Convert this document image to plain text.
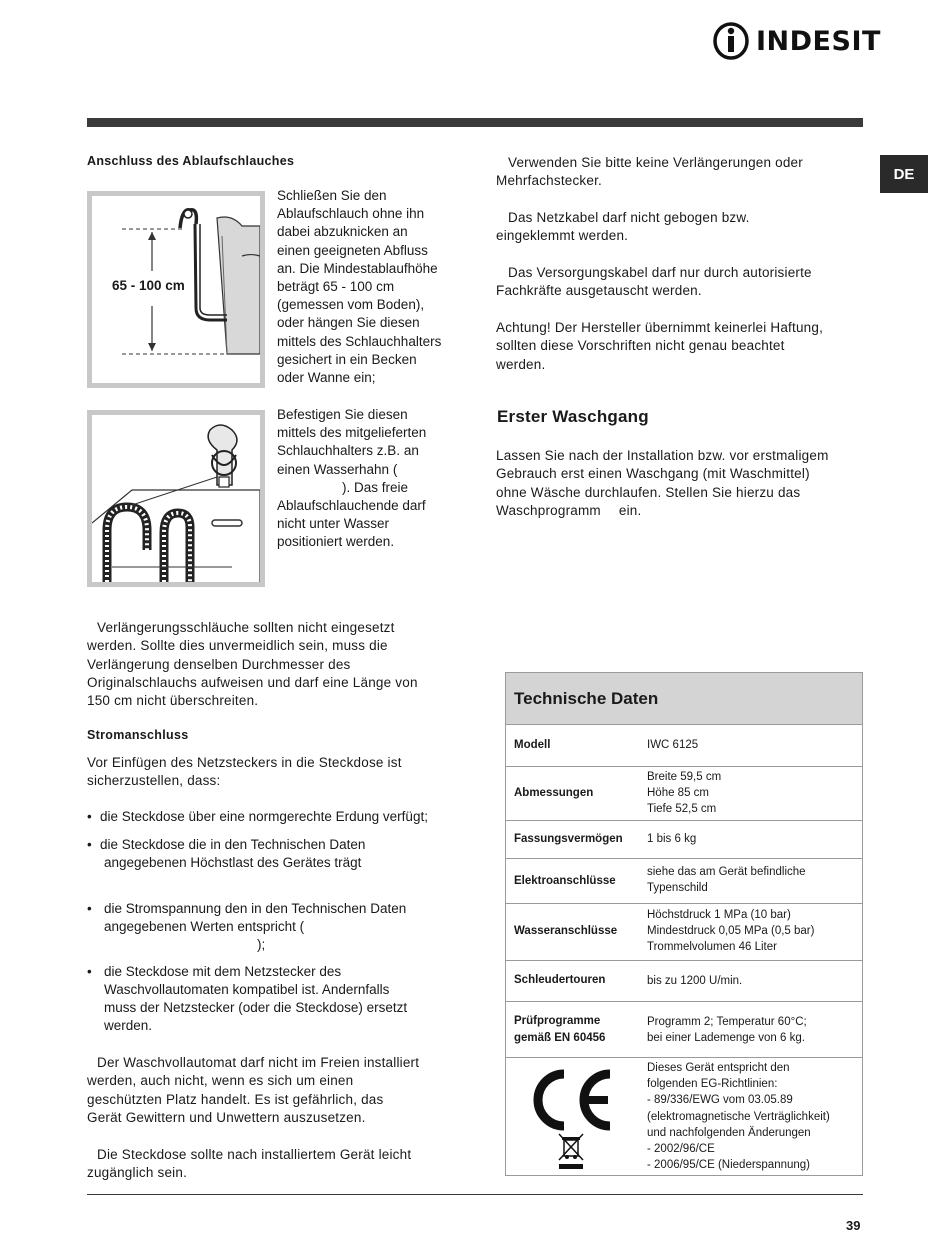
INDESIT
DE
Anschluss des Ablaufschlauches
65 - 100 cm
Schließen Sie den
Ablaufschlauch ohne ihn
dabei abzuknicken an
einen geeigneten Abfluss
an. Die Mindestablaufhöhe
beträgt 65 - 100 cm
(gemessen vom Boden),
oder hängen Sie diesen
mittels des Schlauchhalters
gesichert in ein Becken
oder Wanne ein;
Befestigen Sie diesen
mittels des mitgelieferten
Schlauchhalters z.B. an
einen Wasserhahn (
). Das freie
Ablaufschlauchende darf
nicht unter Wasser
positioniert werden.
Verlängerungsschläuche sollten nicht eingesetzt
werden. Sollte dies unvermeidlich sein, muss die
Verlängerung denselben Durchmesser des
Originalschlauchs aufweisen und darf eine Länge von
150 cm nicht überschreiten.
Stromanschluss
Vor Einfügen des Netzsteckers in die Steckdose ist
sicherzustellen, dass:
• die Steckdose über eine normgerechte Erdung verfügt;
• die Steckdose die in den Technischen Daten
angegebenen Höchstlast des Gerätes trägt
• die Stromspannung den in den Technischen Daten
angegebenen Werten entspricht (
);
• die Steckdose mit dem Netzstecker des
Waschvollautomaten kompatibel ist. Andernfalls
muss der Netzstecker (oder die Steckdose) ersetzt
werden.
Der Waschvollautomat darf nicht im Freien installiert
werden, auch nicht, wenn es sich um einen
geschützten Platz handelt. Es ist gefährlich, das
Gerät Gewittern und Unwettern auszusetzen.
Die Steckdose sollte nach installiertem Gerät leicht
zugänglich sein.
Verwenden Sie bitte keine Verlängerungen oder
Mehrfachstecker.
Das Netzkabel darf nicht gebogen bzw.
eingeklemmt werden.
Das Versorgungskabel darf nur durch autorisierte
Fachkräfte ausgetauscht werden.
Achtung! Der Hersteller übernimmt keinerlei Haftung,
sollten diese Vorschriften nicht genau beachtet
werden.
Erster Waschgang
Lassen Sie nach der Installation bzw. vor erstmaligem
Gebrauch erst einen Waschgang (mit Waschmittel)
ohne Wäsche durchlaufen. Stellen Sie hierzu das
Waschprogramm ein.
Technische Daten
Modell	IWC 6125
Abmessungen
Breite 59,5 cm
Höhe 85 cm
Tiefe 52,5 cm
Fassungsvermögen 1 bis 6 kg
Elektroanschlüsse
siehe das am Gerät befindliche
Typenschild
Wasseranschlüsse
Höchstdruck 1 MPa (10 bar)
Mindestdruck 0,05 MPa (0,5 bar)
Trommelvolumen 46 Liter
Schleudertouren	bis zu 1200 U/min.
Prüfprogramme
gemäß EN 60456
Programm 2; Temperatur 60°C;
bei einer Lademenge von 6 kg.
Dieses Gerät entspricht den
folgenden EG-Richtlinien:
- 89/336/EWG vom 03.05.89
(elektromagnetische Verträglichkeit)
und nachfolgenden Änderungen
- 2002/96/CE
- 2006/95/CE (Niederspannung)
39
